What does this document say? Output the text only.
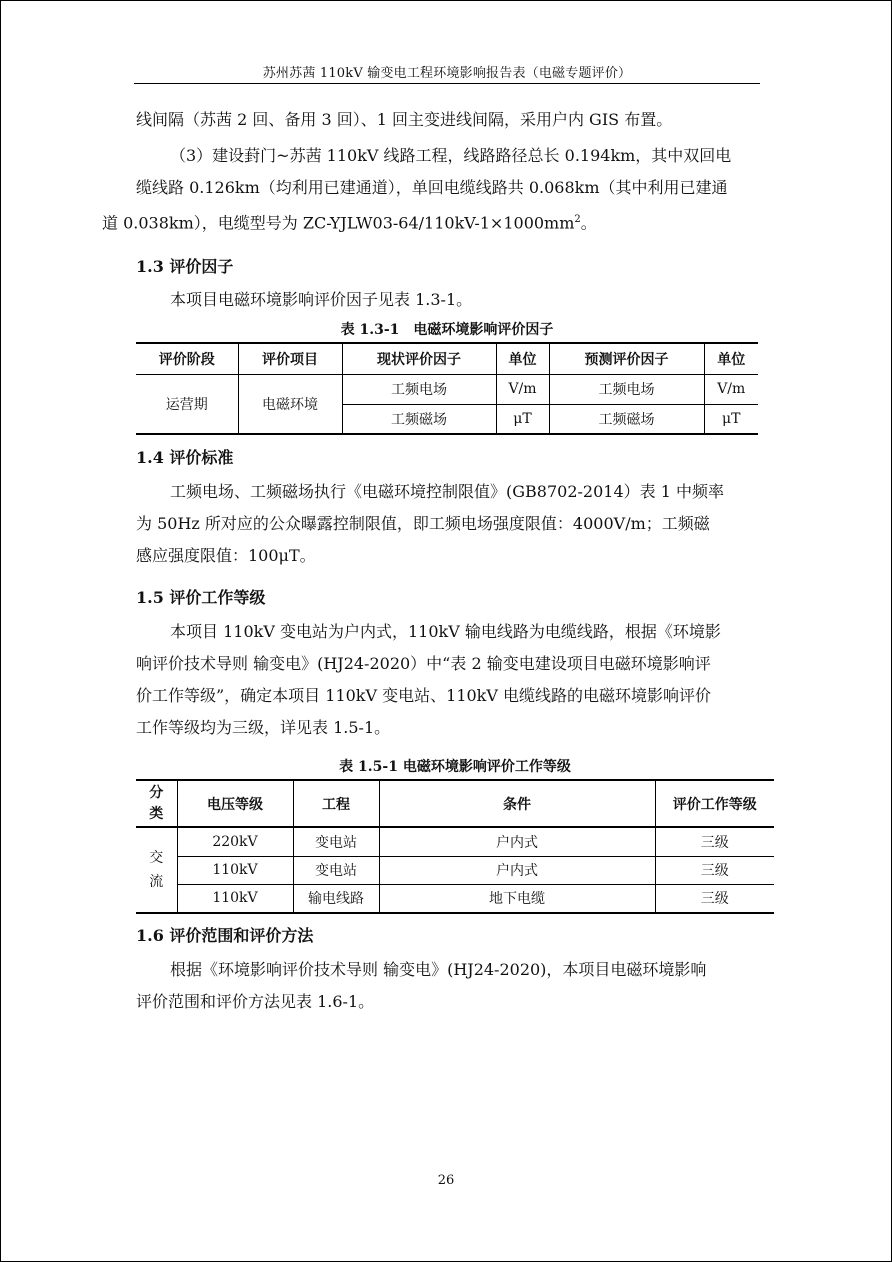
苏州苏茜 110kV 输变电工程环境影响报告表（电磁专题评价）

线间隔（苏茜 2 回、备用 3 回）、1 回主变进线间隔，采用户内 GIS 布置。

（3）建设葑门~苏茜 110kV 线路工程，线路路径总长 0.194km，其中双回电
缆线路 0.126km（均利用已建通道），单回电缆线路共 0.068km（其中利用已建通
道 0.038km），电缆型号为 $ZC-YJLW03-64/110kV-1\times 1000mm^2$。
1.3 评价因子

本项目电磁环境影响评价因子见表 1.3-1。

表 1.3-1　电磁环境影响评价因子
评价阶段	评价项目	现状评价因子	单位	预测评价因子	单位
运营期	电磁环境	工频电场	V/m	工频电场	V/m
		工频磁场	μT	工频磁场	μT
1.4 评价标准
工频电场、工频磁场执行《电磁环境控制限值》(GB8702-2014）表 1 中频率
为 50Hz 所对应的公众曝露控制限值，即工频电场强度限值：4000V/m；工频磁
感应强度限值：100μT。
1.5 评价工作等级
本项目 110kV 变电站为户内式，110kV 输电线路为电缆线路，根据《环境影
响评价技术导则 输变电》(HJ24-2020）中“表 2 输变电建设项目电磁环境影响评
价工作等级”，确定本项目 110kV 变电站、110kV 电缆线路的电磁环境影响评价
工作等级均为三级，详见表 1.5-1。
表 1.5-1 电磁环境影响评价工作等级
分类	电压等级	工程	条件	评价工作等级
交流	220kV	变电站	户内式	三级
	110kV	变电站	户内式	三级
	110kV	输电线路	地下电缆	三级
1.6 评价范围和评价方法
根据《环境影响评价技术导则 输变电》(HJ24-2020)，本项目电磁环境影响
评价范围和评价方法见表 1.6-1。
26
